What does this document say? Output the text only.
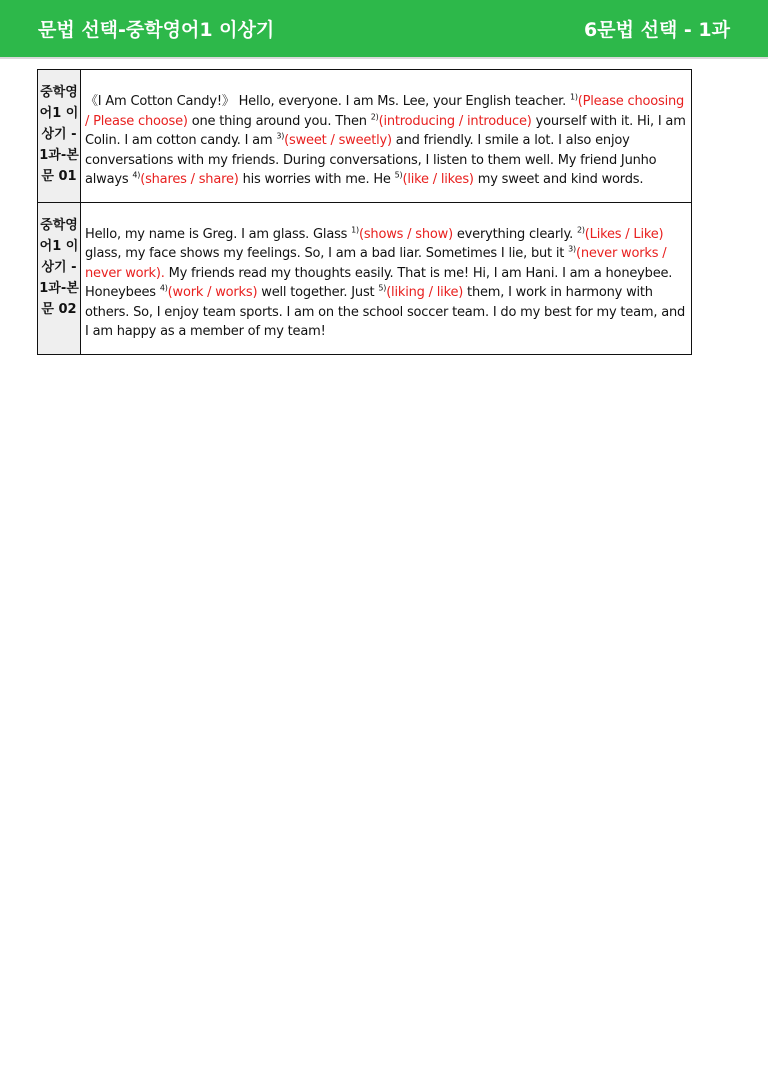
문법 선택-중학영어1 이상기	6문법 선택 - 1과
중학영어1 이상기 - 1과-본문 01	《I Am Cotton Candy!》 Hello, everyone. I am Ms. Lee, your English teacher. $^{1)}$(Please choosing / Please choose) one thing around you. Then $^{2)}$(introducing / introduce) yourself with it. Hi, I am Colin. I am cotton candy. I am $^{3)}$(sweet / sweetly) and friendly. I smile a lot. I also enjoy conversations with my friends. During conversations, I listen to them well. My friend Junho always $^{4)}$(shares / share) his worries with me. He $^{5)}$(like / likes) my sweet and kind words.
중학영어1 이상기 - 1과-본문 02	Hello, my name is Greg. I am glass. Glass $^{1)}$(shows / show) everything clearly. $^{2)}$(Likes / Like) glass, my face shows my feelings. So, I am a bad liar. Sometimes I lie, but it $^{3)}$(never works / never work). My friends read my thoughts easily. That is me! Hi, I am Hani. I am a honeybee. Honeybees $^{4)}$(work / works) well together. Just $^{5)}$(liking / like) them, I work in harmony with others. So, I enjoy team sports. I am on the school soccer team. I do my best for my team, and I am happy as a member of my team!
